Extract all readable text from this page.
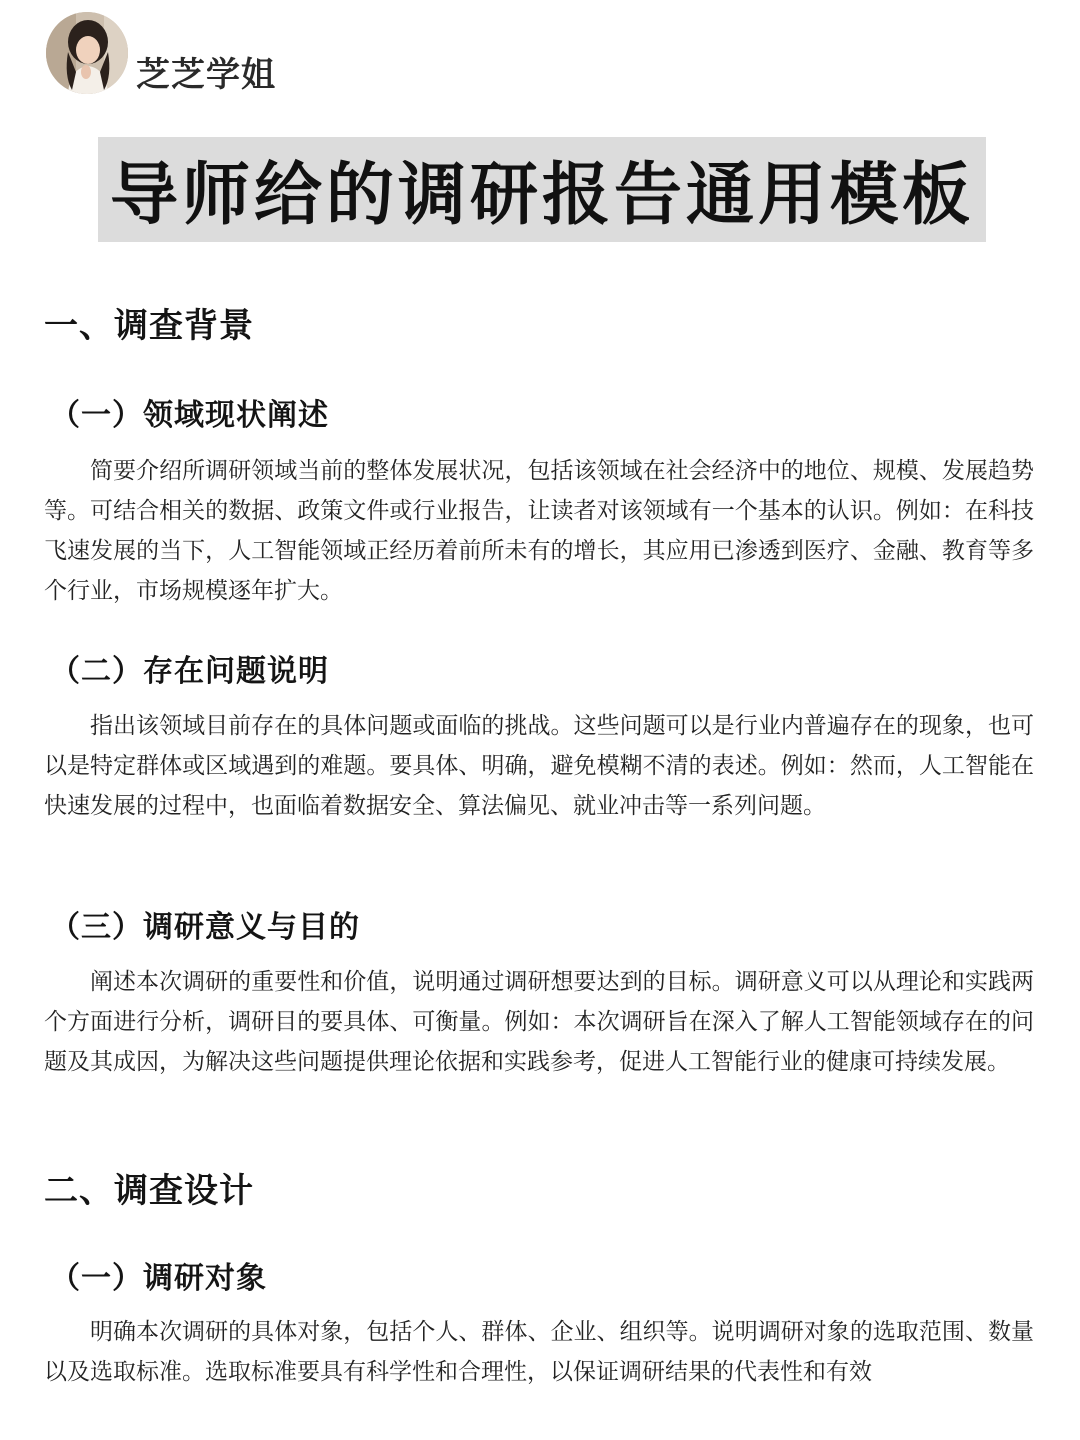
芝芝学姐
导师给的调研报告通用模板
一、调查背景
（一）领域现状阐述

简要介绍所调研领域当前的整体发展状况，包括该领域在社会经济中的地位、规模、发展趋势等。可结合相关的数据、政策文件或行业报告，让读者对该领域有一个基本的认识。例如：在科技飞速发展的当下，人工智能领域正经历着前所未有的增长，其应用已渗透到医疗、金融、教育等多个行业，市场规模逐年扩大。

（二）存在问题说明

指出该领域目前存在的具体问题或面临的挑战。这些问题可以是行业内普遍存在的现象，也可以是特定群体或区域遇到的难题。要具体、明确，避免模糊不清的表述。例如：然而，人工智能在快速发展的过程中，也面临着数据安全、算法偏见、就业冲击等一系列问题。

（三）调研意义与目的

阐述本次调研的重要性和价值，说明通过调研想要达到的目标。调研意义可以从理论和实践两个方面进行分析，调研目的要具体、可衡量。例如：本次调研旨在深入了解人工智能领域存在的问题及其成因，为解决这些问题提供理论依据和实践参考，促进人工智能行业的健康可持续发展。

二、调查设计
（一）调研对象

明确本次调研的具体对象，包括个人、群体、企业、组织等。说明调研对象的选取范围、数量以及选取标准。选取标准要具有科学性和合理性，以保证调研结果的代表性和有效
